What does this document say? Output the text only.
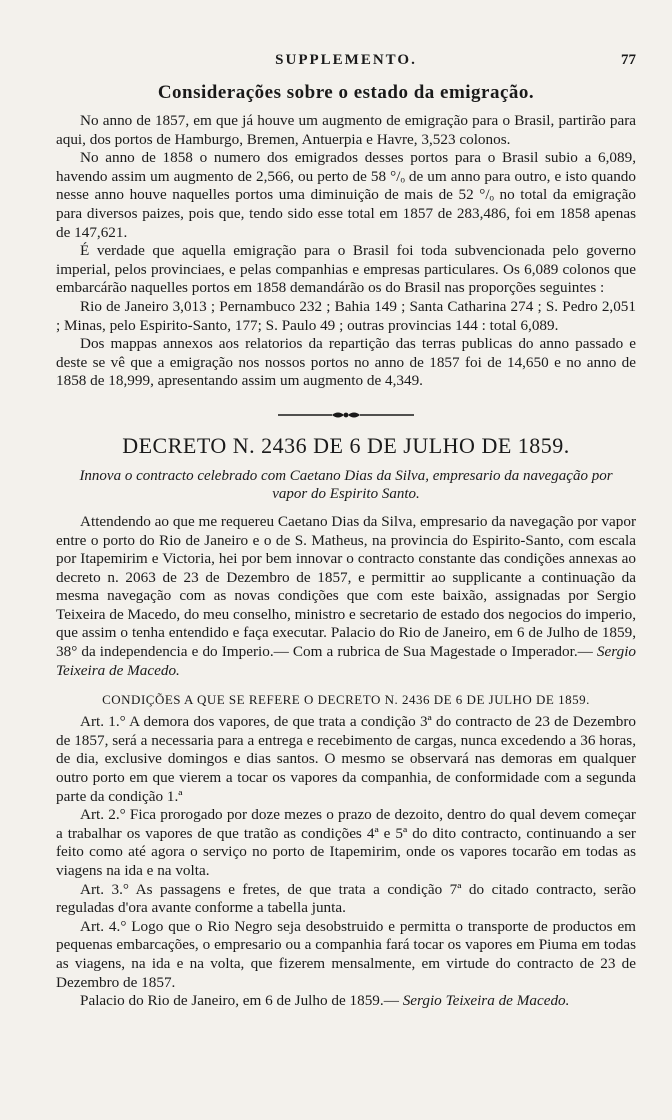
SUPPLEMENTO.	77
Considerações sobre o estado da emigração.

No anno de 1857, em que já houve um augmento de emigração para o Brasil, partirão para aqui, dos portos de Hamburgo, Bremen, Antuerpia e Havre, 3,523 colonos.

No anno de 1858 o numero dos emigrados desses portos para o Brasil subio a 6,089, havendo assim um augmento de 2,566, ou perto de 58 °/ₒ de um anno para outro, e isto quando nesse anno houve naquelles portos uma diminuição de mais de 52 °/ₒ no total da emigração para diversos paizes, pois que, tendo sido esse total em 1857 de 283,486, foi em 1858 apenas de 147,621.

É verdade que aquella emigração para o Brasil foi toda subvencionada pelo governo imperial, pelos provinciaes, e pelas companhias e empresas particulares. Os 6,089 colonos que embarcárão naquelles portos em 1858 demandárão os do Brasil nas proporções seguintes :

Rio de Janeiro 3,013 ; Pernambuco 232 ; Bahia 149 ; Santa Catharina 274 ; S. Pedro 2,051 ; Minas, pelo Espirito-Santo, 177; S. Paulo 49 ; outras provincias 144 : total 6,089.

Dos mappas annexos aos relatorios da repartição das terras publicas do anno passado e deste se vê que a emigração nos nossos portos no anno de 1857 foi de 14,650 e no anno de 1858 de 18,999, apresentando assim um augmento de 4,349.

DECRETO N. 2436 DE 6 DE JULHO DE 1859.
Innova o contracto celebrado com Caetano Dias da Silva, empresario da navegação por vapor do Espirito Santo.

Attendendo ao que me requereu Caetano Dias da Silva, empresario da navegação por vapor entre o porto do Rio de Janeiro e o de S. Matheus, na provincia do Espirito-Santo, com escala por Itapemirim e Victoria, hei por bem innovar o contracto constante das condições annexas ao decreto n. 2063 de 23 de Dezembro de 1857, e permittir ao supplicante a continuação da mesma navegação com as novas condições que com este baixão, assignadas por Sergio Teixeira de Macedo, do meu conselho, ministro e secretario de estado dos negocios do imperio, que assim o tenha entendido e faça executar. Palacio do Rio de Janeiro, em 6 de Julho de 1859, 38° da independencia e do Imperio.— Com a rubrica de Sua Magestade o Imperador.— Sergio Teixeira de Macedo.

CONDIÇÕES A QUE SE REFERE O DECRETO N. 2436 DE 6 DE JULHO DE 1859.

Art. 1.° A demora dos vapores, de que trata a condição 3ª do contracto de 23 de Dezembro de 1857, será a necessaria para a entrega e recebimento de cargas, nunca excedendo a 36 horas, de dia, exclusive domingos e dias santos. O mesmo se observará nas demoras em qualquer outro porto em que vierem a tocar os vapores da companhia, de conformidade com a segunda parte da condição 1.ª

Art. 2.° Fica prorogado por doze mezes o prazo de dezoito, dentro do qual devem começar a trabalhar os vapores de que tratão as condições 4ª e 5ª do dito contracto, continuando a ser feito como até agora o serviço no porto de Itapemirim, onde os vapores tocarão em todas as viagens na ida e na volta.

Art. 3.° As passagens e fretes, de que trata a condição 7ª do citado contracto, serão reguladas d'ora avante conforme a tabella junta.

Art. 4.° Logo que o Rio Negro seja desobstruido e permitta o transporte de productos em pequenas embarcações, o empresario ou a companhia fará tocar os vapores em Piuma em todas as viagens, na ida e na volta, que fizerem mensalmente, em virtude do contracto de 23 de Dezembro de 1857.

Palacio do Rio de Janeiro, em 6 de Julho de 1859.— Sergio Teixeira de Macedo.
